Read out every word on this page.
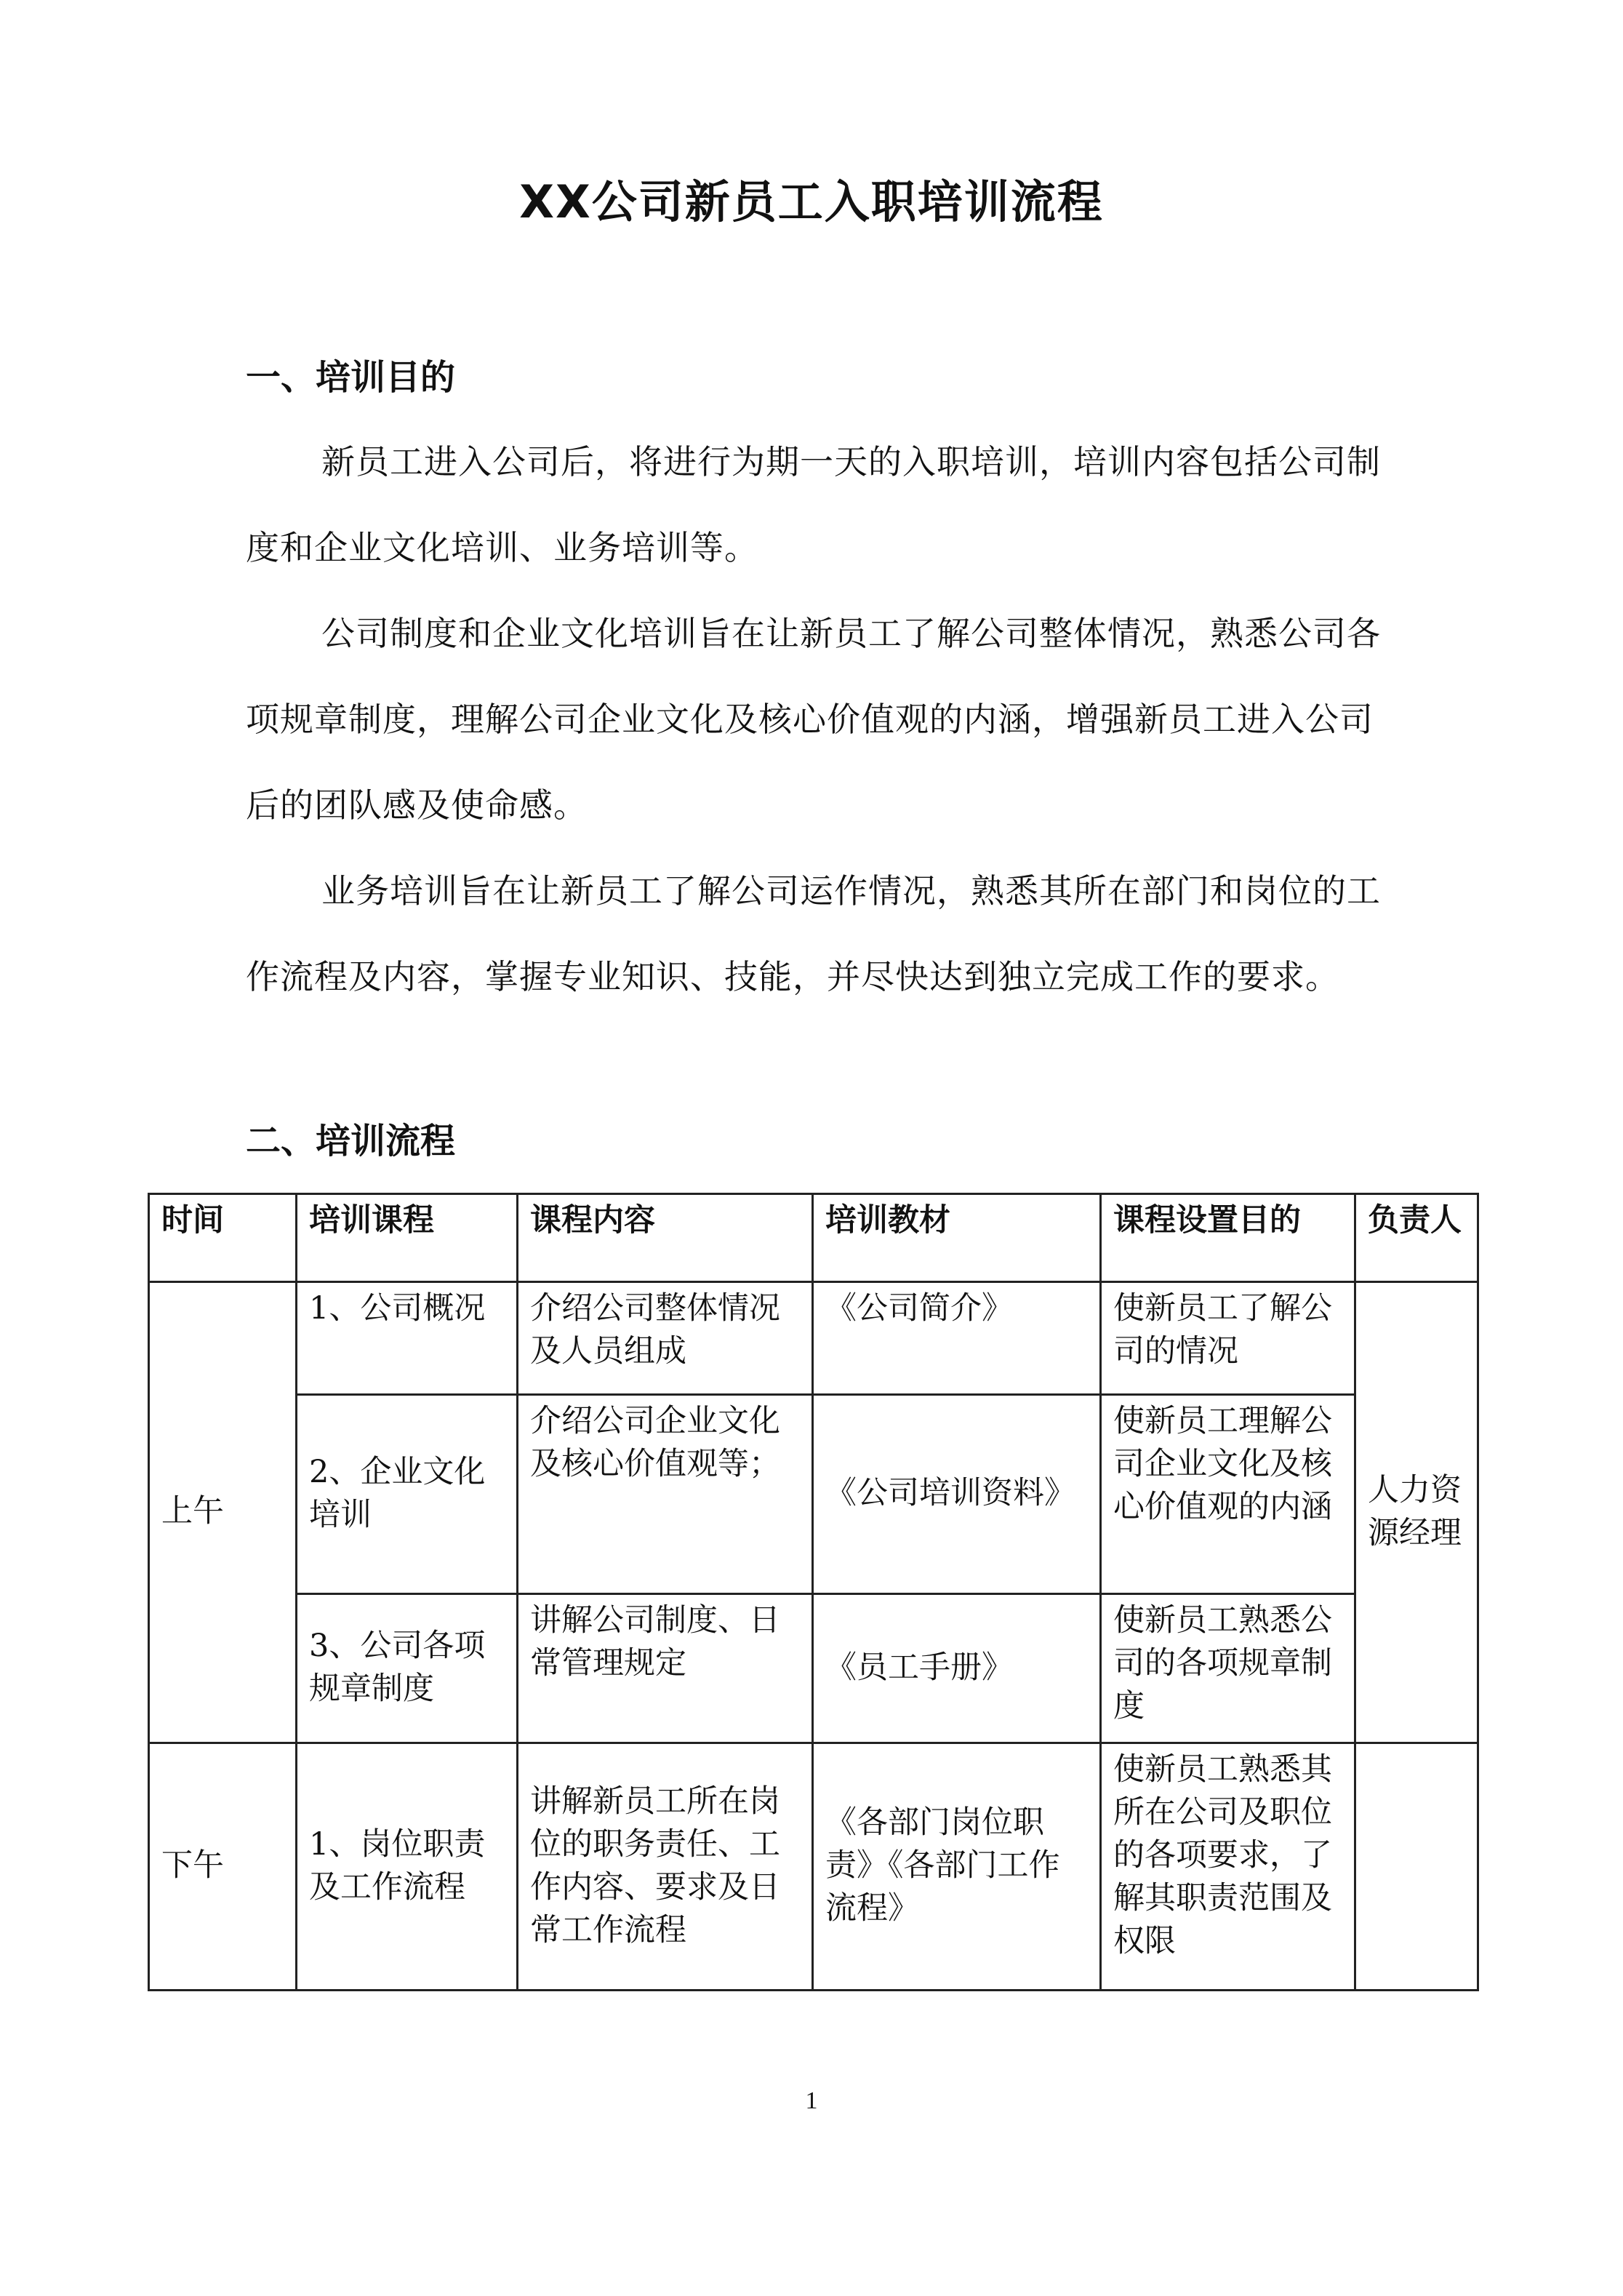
XX公司新员工入职培训流程
一、培训目的

新员工进入公司后，将进行为期一天的入职培训，培训内容包括公司制度和企业文化培训、业务培训等。

公司制度和企业文化培训旨在让新员工了解公司整体情况，熟悉公司各项规章制度，理解公司企业文化及核心价值观的内涵，增强新员工进入公司后的团队感及使命感。

业务培训旨在让新员工了解公司运作情况，熟悉其所在部门和岗位的工作流程及内容，掌握专业知识、技能，并尽快达到独立完成工作的要求。

二、培训流程
时间	培训课程	课程内容	培训教材	课程设置目的	负责人
上午	1、公司概况	介绍公司整体情况及人员组成	《公司简介》	使新员工了解公司的情况	人力资源经理
	2、企业文化培训	介绍公司企业文化及核心价值观等；	《公司培训资料》	使新员工理解公司企业文化及核心价值观的内涵	
	3、公司各项规章制度	讲解公司制度、日常管理规定	《员工手册》	使新员工熟悉公司的各项规章制度	
下午	1、岗位职责及工作流程	讲解新员工所在岗位的职务责任、工作内容、要求及日常工作流程	《各部门岗位职责》《各部门工作流程》	使新员工熟悉其所在公司及职位的各项要求，了解其职责范围及权限	
1
